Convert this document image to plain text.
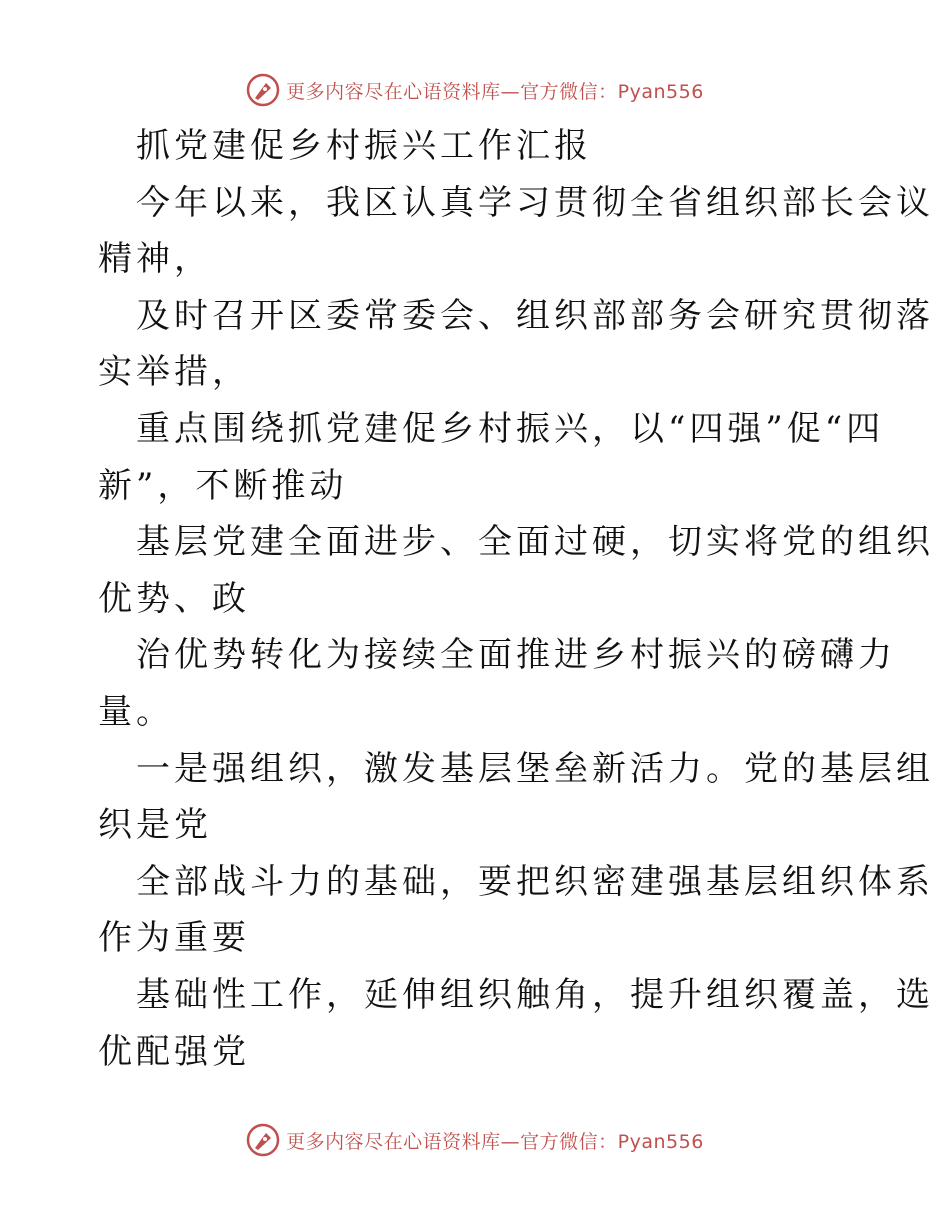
更多内容尽在心语资料库—官方微信：Pyan556
抓党建促乡村振兴工作汇报
今年以来，我区认真学习贯彻全省组织部长会议
精神，
及时召开区委常委会、组织部部务会研究贯彻落
实举措，
重点围绕抓党建促乡村振兴，以“四强”促“四
新”，不断推动
基层党建全面进步、全面过硬，切实将党的组织
优势、政
治优势转化为接续全面推进乡村振兴的磅礴力
量。
一是强组织，激发基层堡垒新活力。党的基层组
织是党
全部战斗力的基础，要把织密建强基层组织体系
作为重要
基础性工作，延伸组织触角，提升组织覆盖，选
优配强党
更多内容尽在心语资料库—官方微信：Pyan556
